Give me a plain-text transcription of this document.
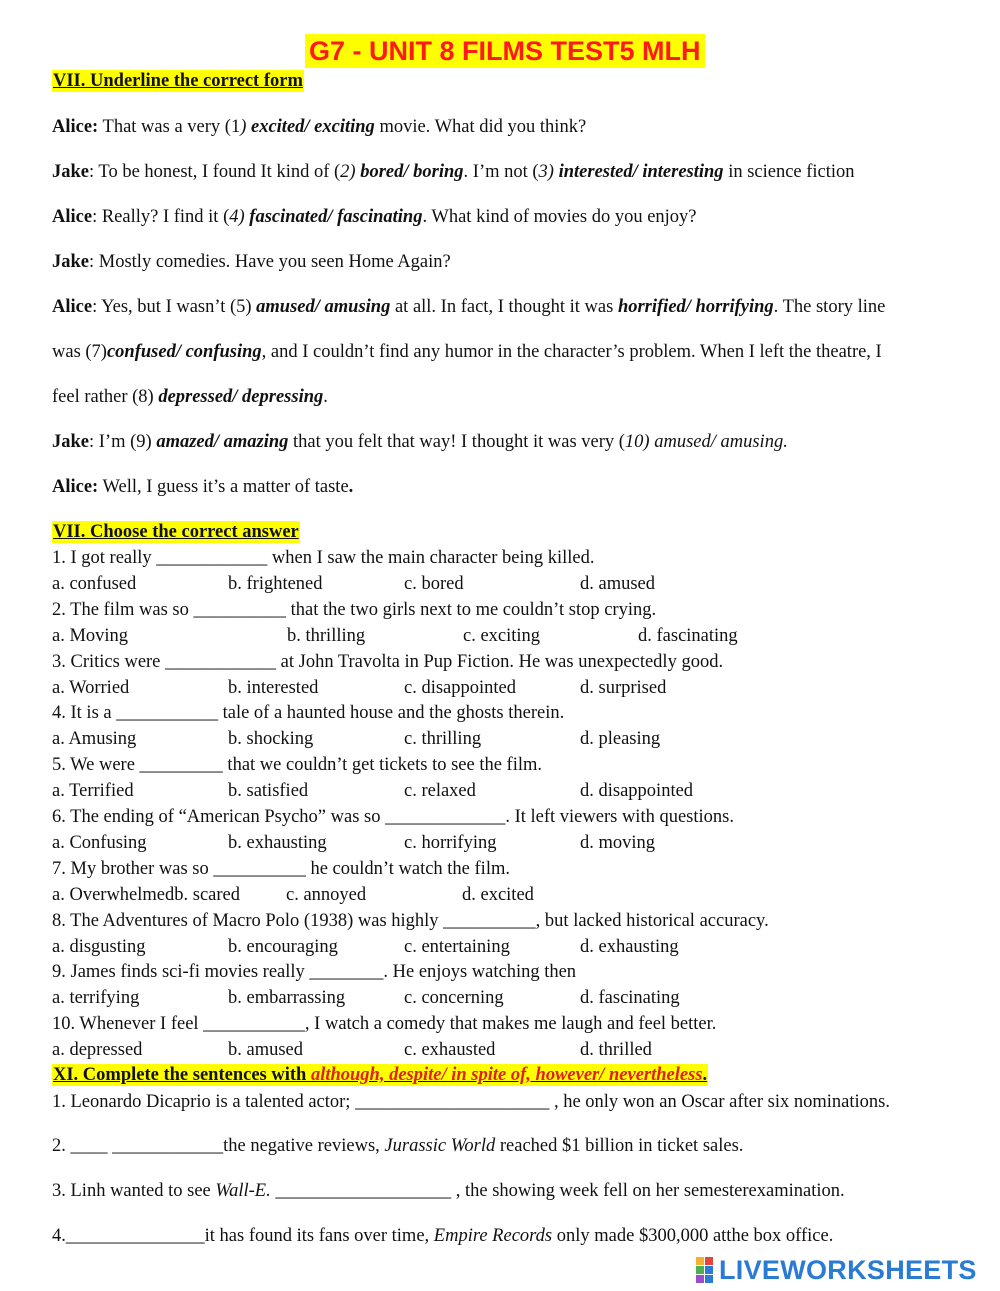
G7 - UNIT 8 FILMS TEST5 MLH
VII. Underline the correct form
Alice: That was a very (1) excited/ exciting movie. What did you think?
Jake: To be honest, I found It kind of (2) bored/ boring. I’m not (3) interested/ interesting in science fiction
Alice: Really? I find it (4) fascinated/ fascinating. What kind of movies do you enjoy?
Jake: Mostly comedies. Have you seen Home Again?
Alice: Yes, but I wasn’t (5) amused/ amusing at all. In fact, I thought it was horrified/ horrifying. The story line
was (7)confused/ confusing, and I couldn’t find any humor in the character’s problem. When I left the theatre, I
feel rather (8) depressed/ depressing.
Jake: I’m (9) amazed/ amazing that you felt that way! I thought it was very (10) amused/ amusing.
Alice: Well, I guess it’s a matter of taste.
VII. Choose the correct answer
1. I got really ____________ when I saw the main character being killed.
a. confused	b. frightened	c. bored	d. amused
2. The film was so __________ that the two girls next to me couldn’t stop crying.
a. Moving	b. thrilling	c. exciting	d. fascinating
3. Critics were ____________ at John Travolta in Pup Fiction. He was unexpectedly good.
a. Worried	b. interested	c. disappointed	d. surprised
4. It is a ___________ tale of a haunted house and the ghosts therein.
a. Amusing	b. shocking	c. thrilling	d. pleasing
5. We were _________ that we couldn’t get tickets to see the film.
a. Terrified	b. satisfied	c. relaxed	d. disappointed
6. The ending of “American Psycho” was so _____________. It left viewers with questions.
a. Confusing	b. exhausting	c. horrifying	d. moving
7. My brother was so __________ he couldn’t watch the film.
a. Overwhelmedb. scared c. annoyed	d. excited
8. The Adventures of Macro Polo (1938) was highly __________, but lacked historical accuracy.
a. disgusting	b. encouraging	c. entertaining	d. exhausting
9. James finds sci-fi movies really ________. He enjoys watching then
a. terrifying	b. embarrassing	c. concerning	d. fascinating
10. Whenever I feel ___________, I watch a comedy that makes me laugh and feel better.
a. depressed	b. amused	c. exhausted	d. thrilled
XI. Complete the sentences with although, despite/ in spite of, however/ nevertheless.
1. Leonardo Dicaprio is a talented actor; _____________________ , he only won an Oscar after six nominations.
2. ____ ____________the negative reviews, Jurassic World reached $1 billion in ticket sales.
3. Linh wanted to see Wall-E. ___________________ , the showing week fell on her semesterexamination.
4._______________it has found its fans over time, Empire Records only made $300,000 atthe box office.
LIVEWORKSHEETS
